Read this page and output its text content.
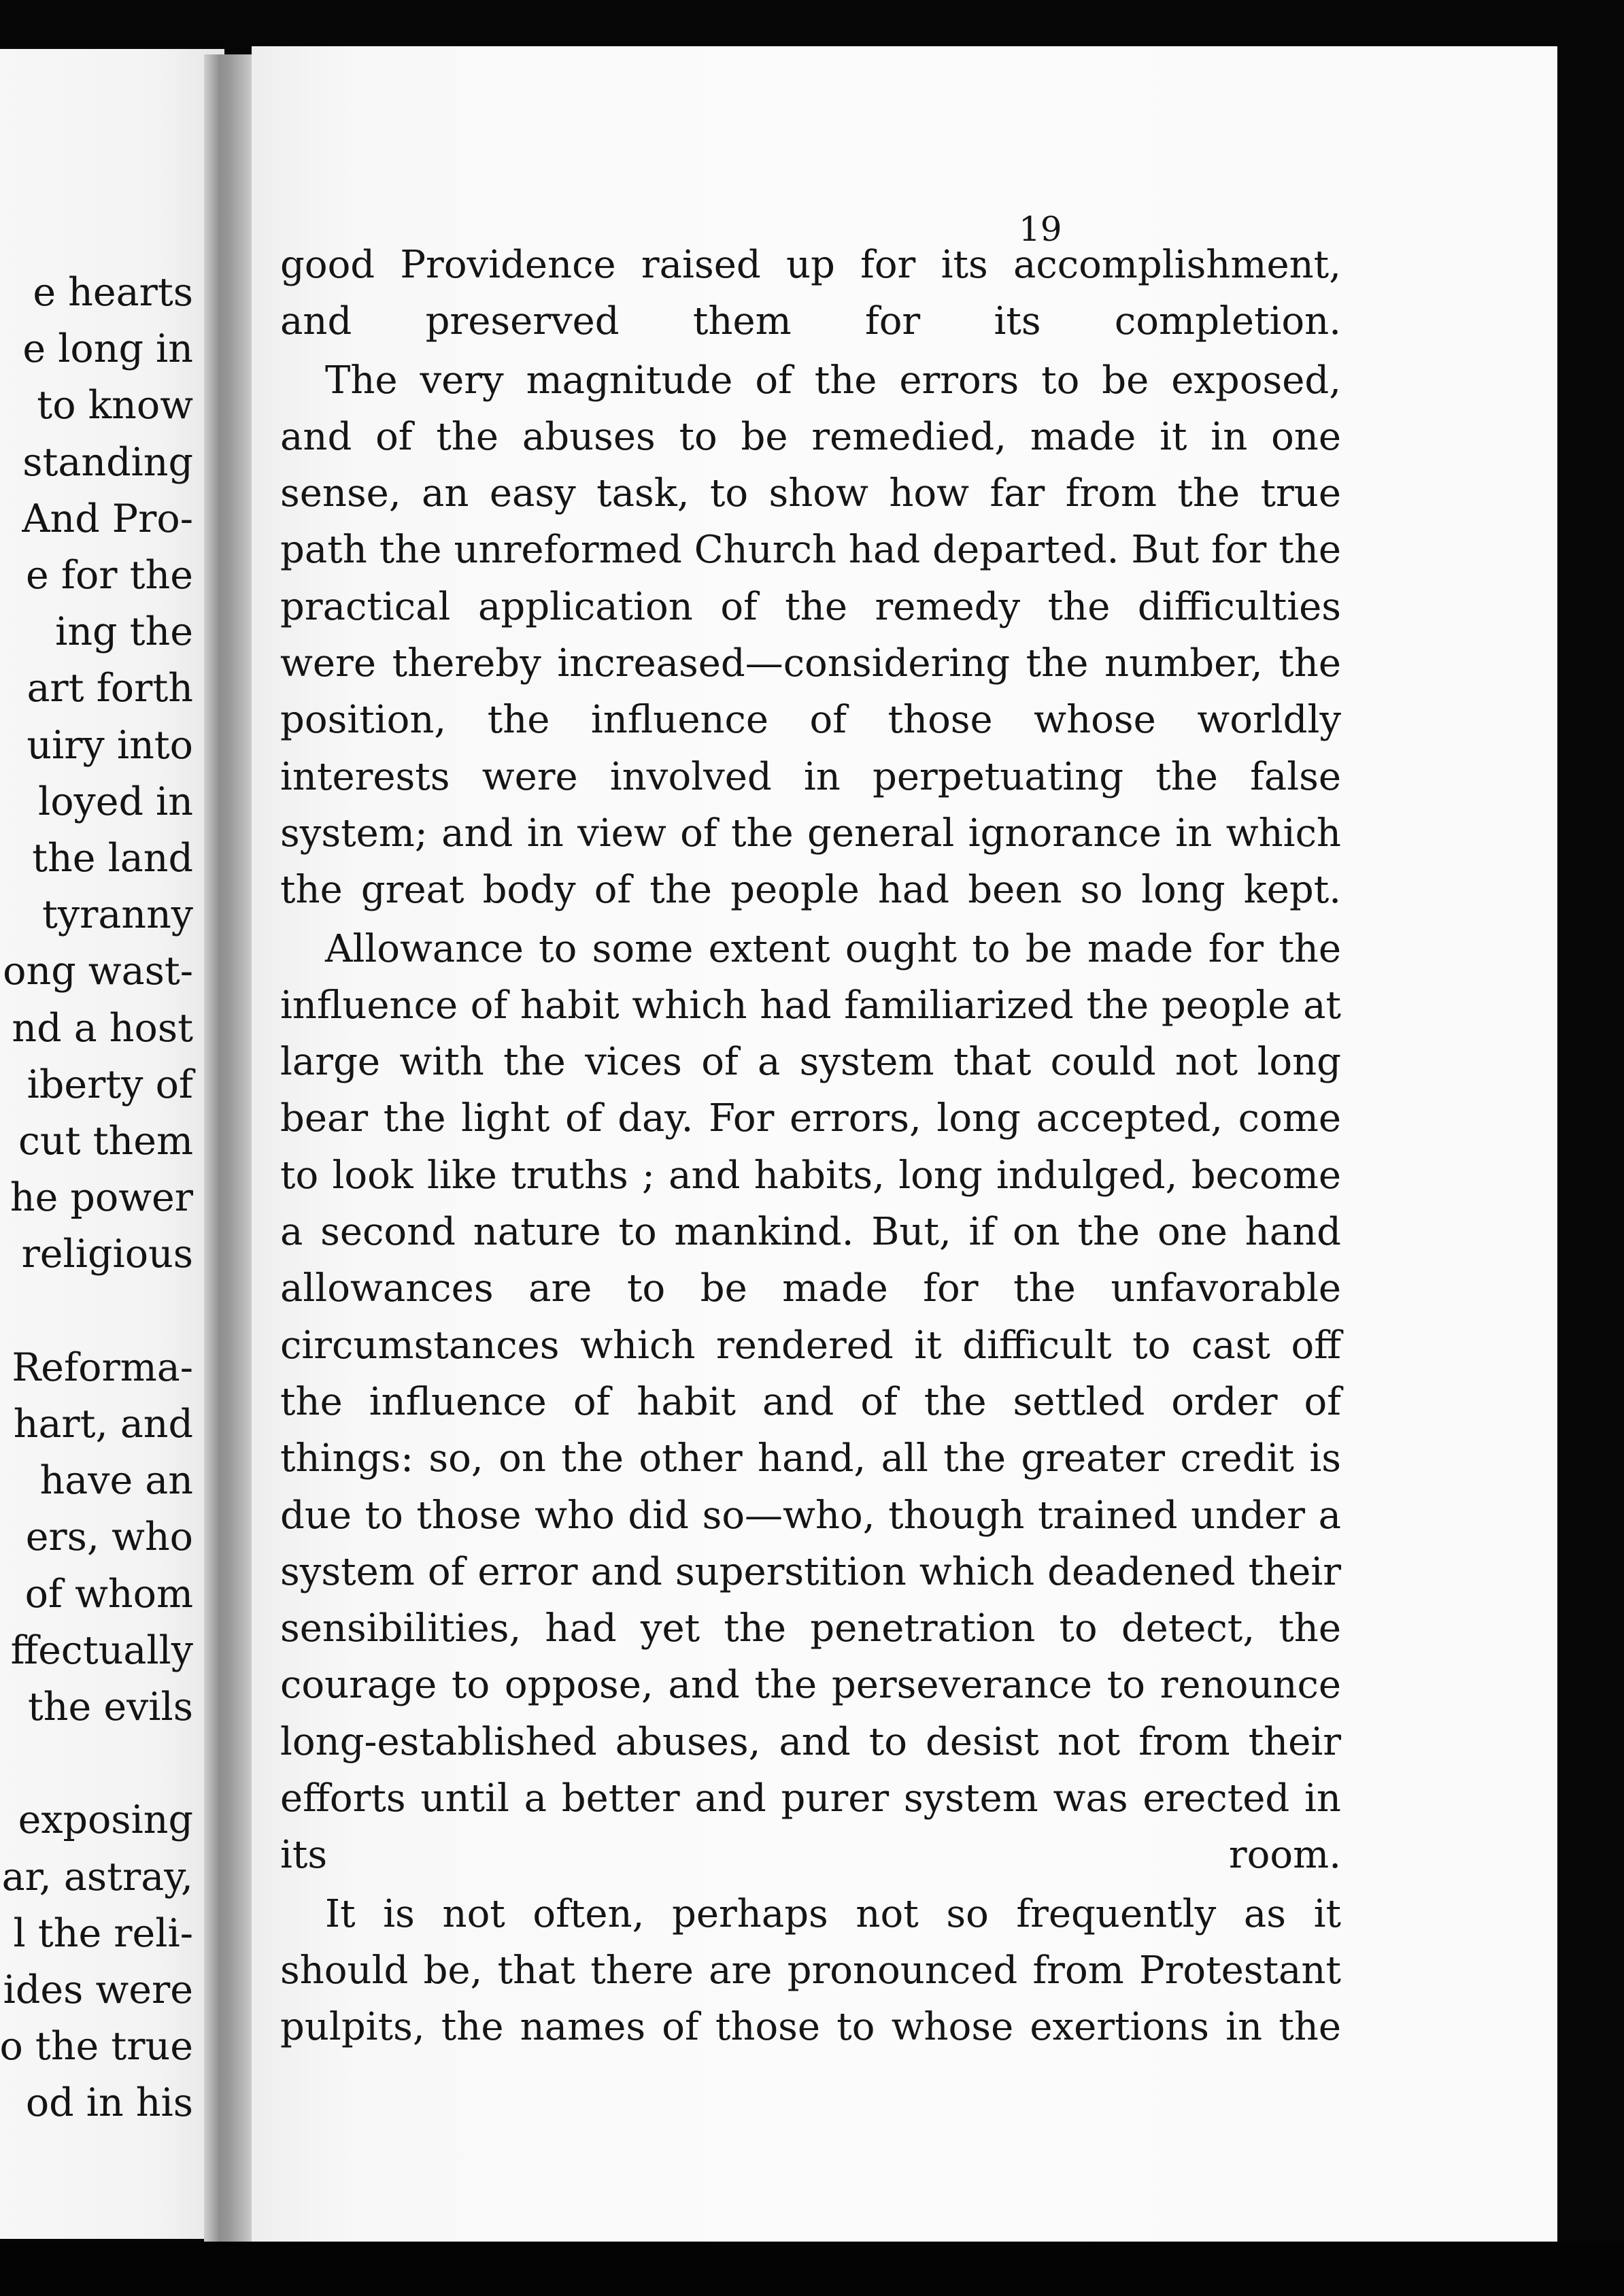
e hearts
e long in
to know
standing
And Pro-
e for the
ing the
art forth
uiry into
loyed in
the land
tyranny
ong wast-
nd a host
iberty of
cut them
he power
religious
Reforma-
hart, and
have an
ers, who
of whom
ffectually
the evils
exposing
ar, astray,
l the reli-
ides were
o the true
od in his
19

good Providence raised up for its accomplishment, and preserved them for its completion.

The very magnitude of the errors to be exposed, and of the abuses to be remedied, made it in one sense, an easy task, to show how far from the true path the unreformed Church had departed. But for the practical application of the remedy the difficulties were thereby increased—considering the number, the position, the influence of those whose worldly interests were involved in perpetuating the false system; and in view of the general ignorance in which the great body of the people had been so long kept.

Allowance to some extent ought to be made for the influence of habit which had familiarized the people at large with the vices of a system that could not long bear the light of day. For errors, long accepted, come to look like truths ; and habits, long indulged, become a second nature to mankind. But, if on the one hand allowances are to be made for the unfavorable circumstances which rendered it difficult to cast off the influence of habit and of the settled order of things: so, on the other hand, all the greater credit is due to those who did so—who, though trained under a system of error and superstition which deadened their sensibilities, had yet the penetration to detect, the courage to oppose, and the perseverance to renounce long-established abuses, and to desist not from their efforts until a better and purer system was erected in its room.

It is not often, perhaps not so frequently as it should be, that there are pronounced from Protestant pulpits, the names of those to whose exertions in the
